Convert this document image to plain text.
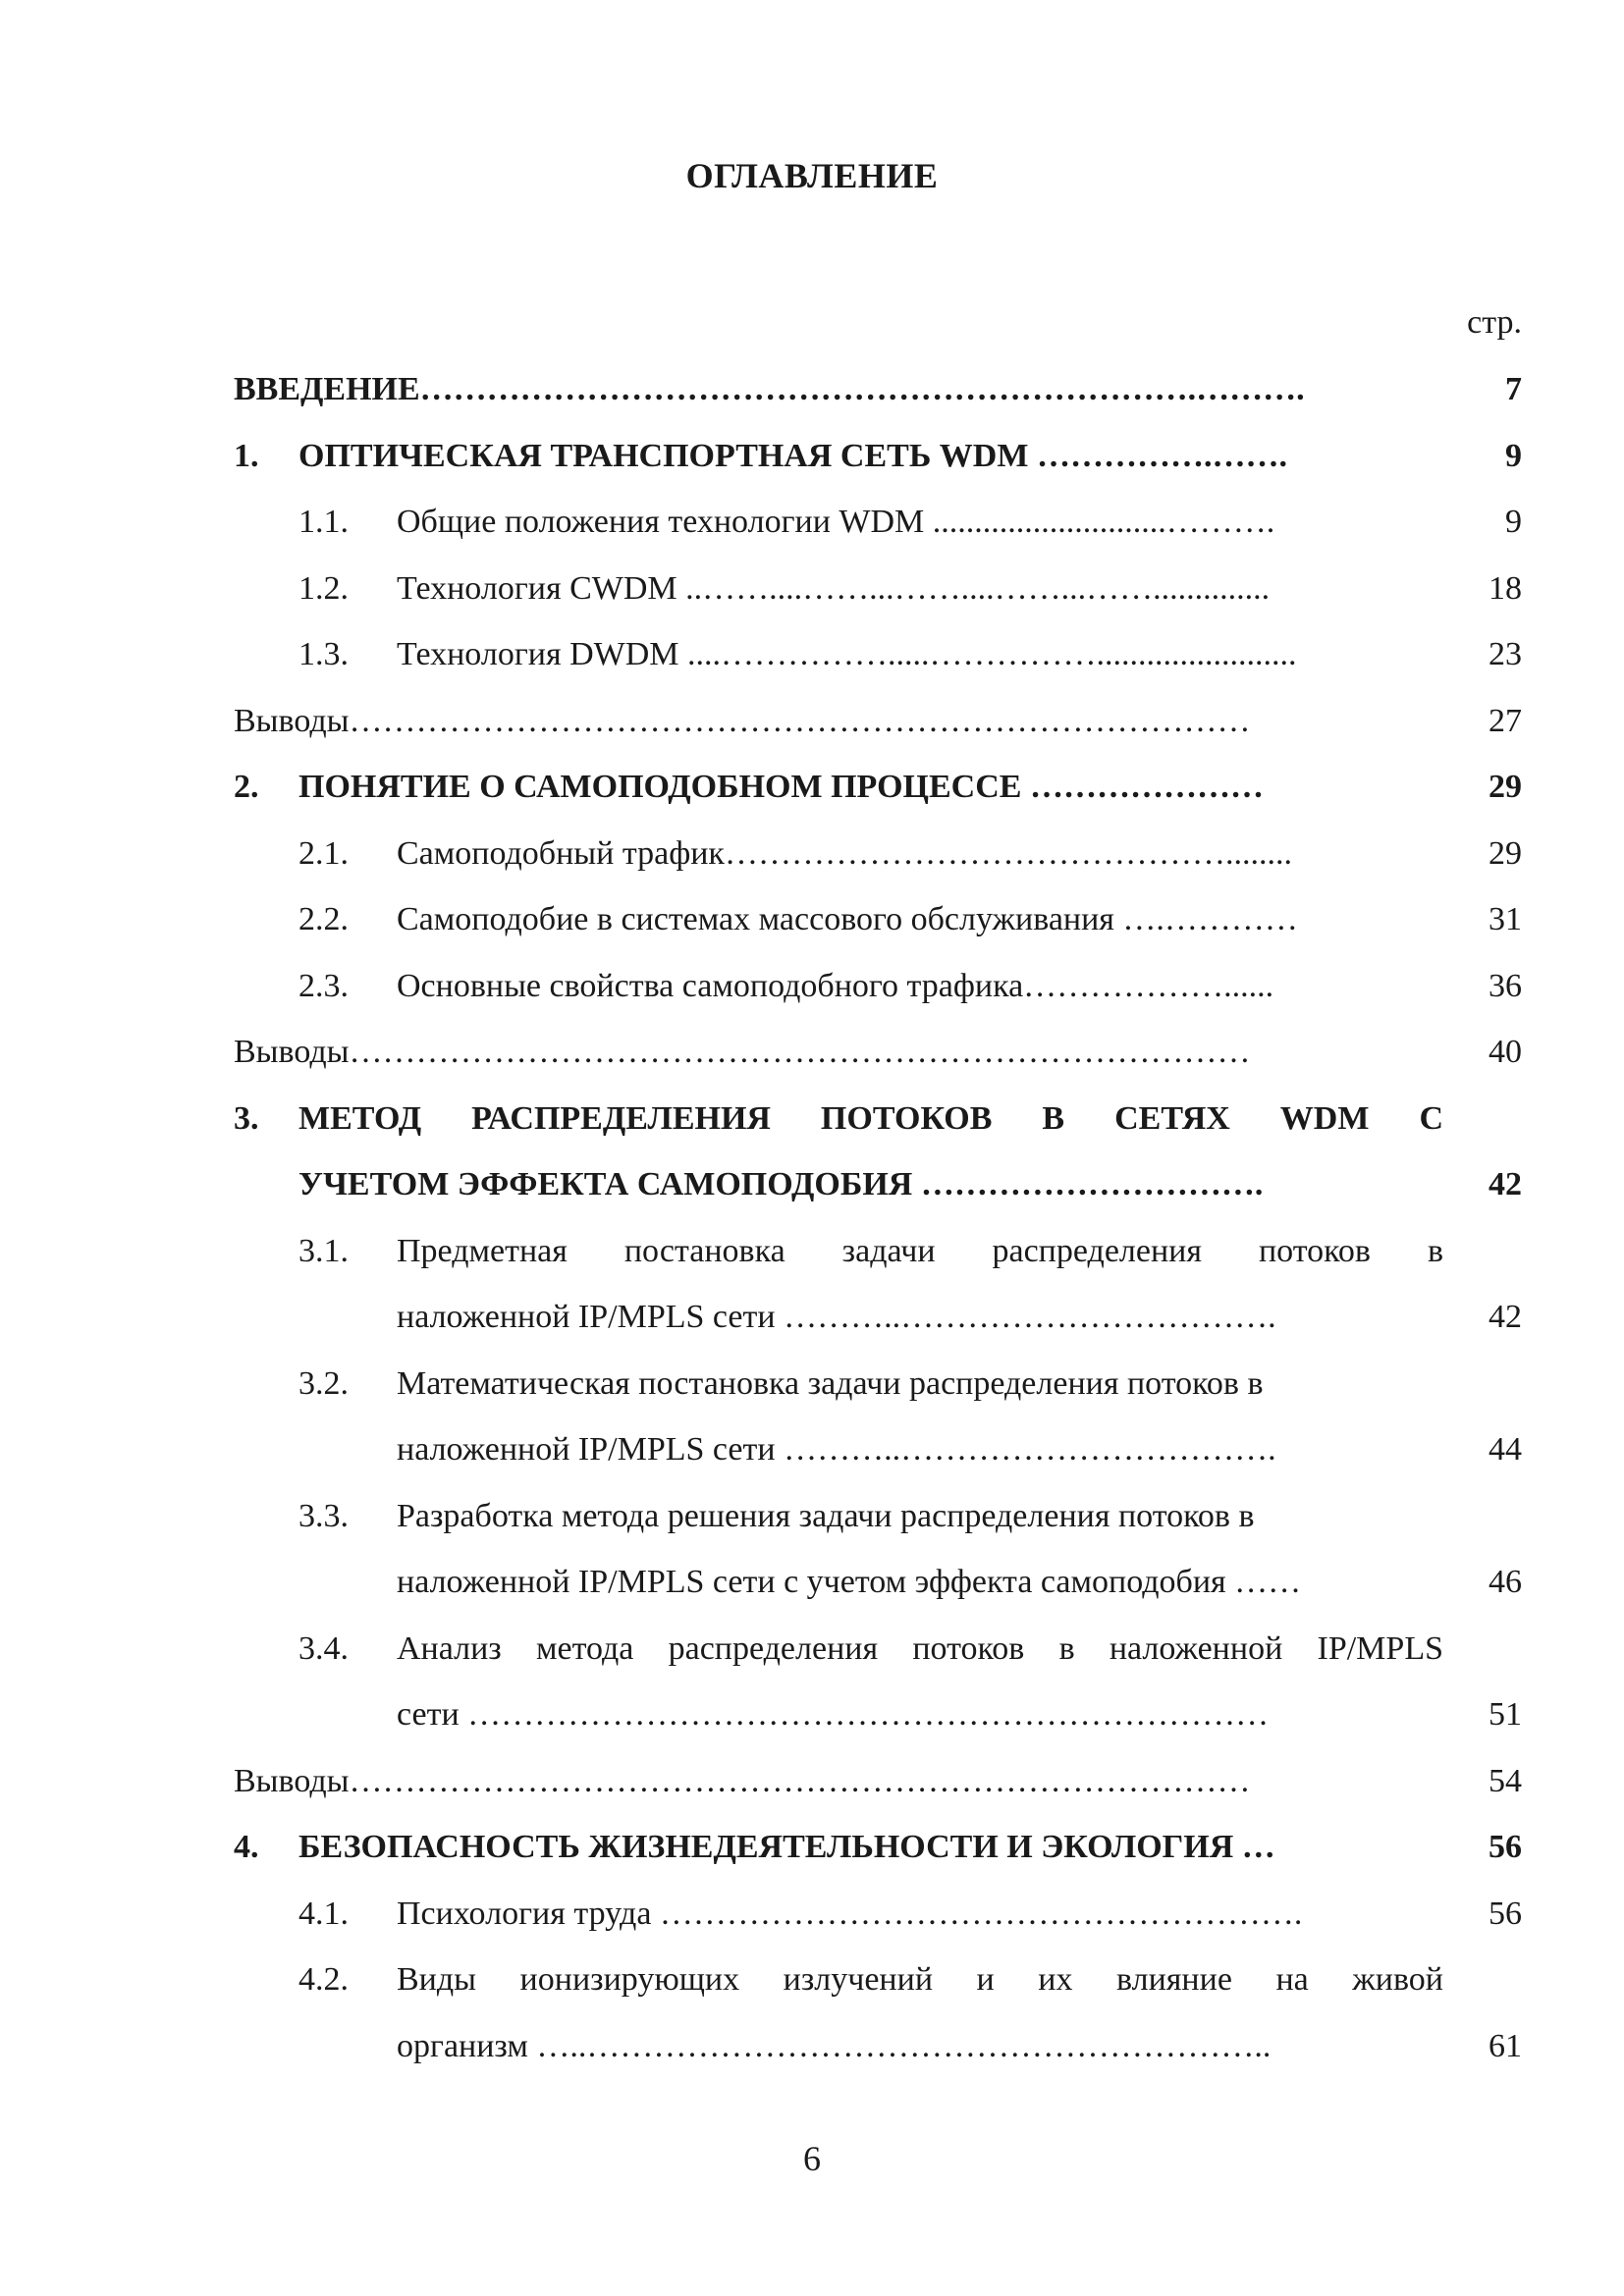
ОГЛАВЛЕНИЕ
стр.
ВВЕДЕНИЕ…………………………………………………………….……….	7
1. ОПТИЧЕСКАЯ ТРАНСПОРТНАЯ СЕТЬ WDM …………….…….	9
1.1. Общие положения технологии WDM ............................……….	9
1.2. Технология CWDM ..……....……...……....……...……..............	18
1.3. Технология DWDM ....…………….....……………........................	23
Выводы………………………………………………………………………	27
2. ПОНЯТИЕ О САМОПОДОБНОМ ПРОЦЕССЕ …………………	29
2.1. Самоподобный трафик………………………………………........	29
2.2. Самоподобие в системах массового обслуживания ….…………	31
2.3. Основные свойства самоподобного трафика………………......	36
Выводы………………………………………………………………………	40
3. МЕТОД РАСПРЕДЕЛЕНИЯ ПОТОКОВ В СЕТЯХ WDM С
УЧЕТОМ ЭФФЕКТА САМОПОДОБИЯ ………………………….	42
3.1. Предметная постановка задачи распределения потоков в
наложенной IP/MPLS сети ………..…………………………….	42
3.2. Математическая постановка задачи распределения потоков в
наложенной IP/MPLS сети ………..…………………………….	44
3.3. Разработка метода решения задачи распределения потоков в
наложенной IP/MPLS сети с учетом эффекта самоподобия ……	46
3.4. Анализ метода распределения потоков в наложенной IP/MPLS
сети ………………………………………………………………	51
Выводы………………………………………………………………………	54
4. БЕЗОПАСНОСТЬ ЖИЗНЕДЕЯТЕЛЬНОСТИ И ЭКОЛОГИЯ …	56
4.1. Психология труда ………………………………………………….	56
4.2. Виды ионизирующих излучений и их влияние на живой
организм …..……………………………………………………..	61
6
